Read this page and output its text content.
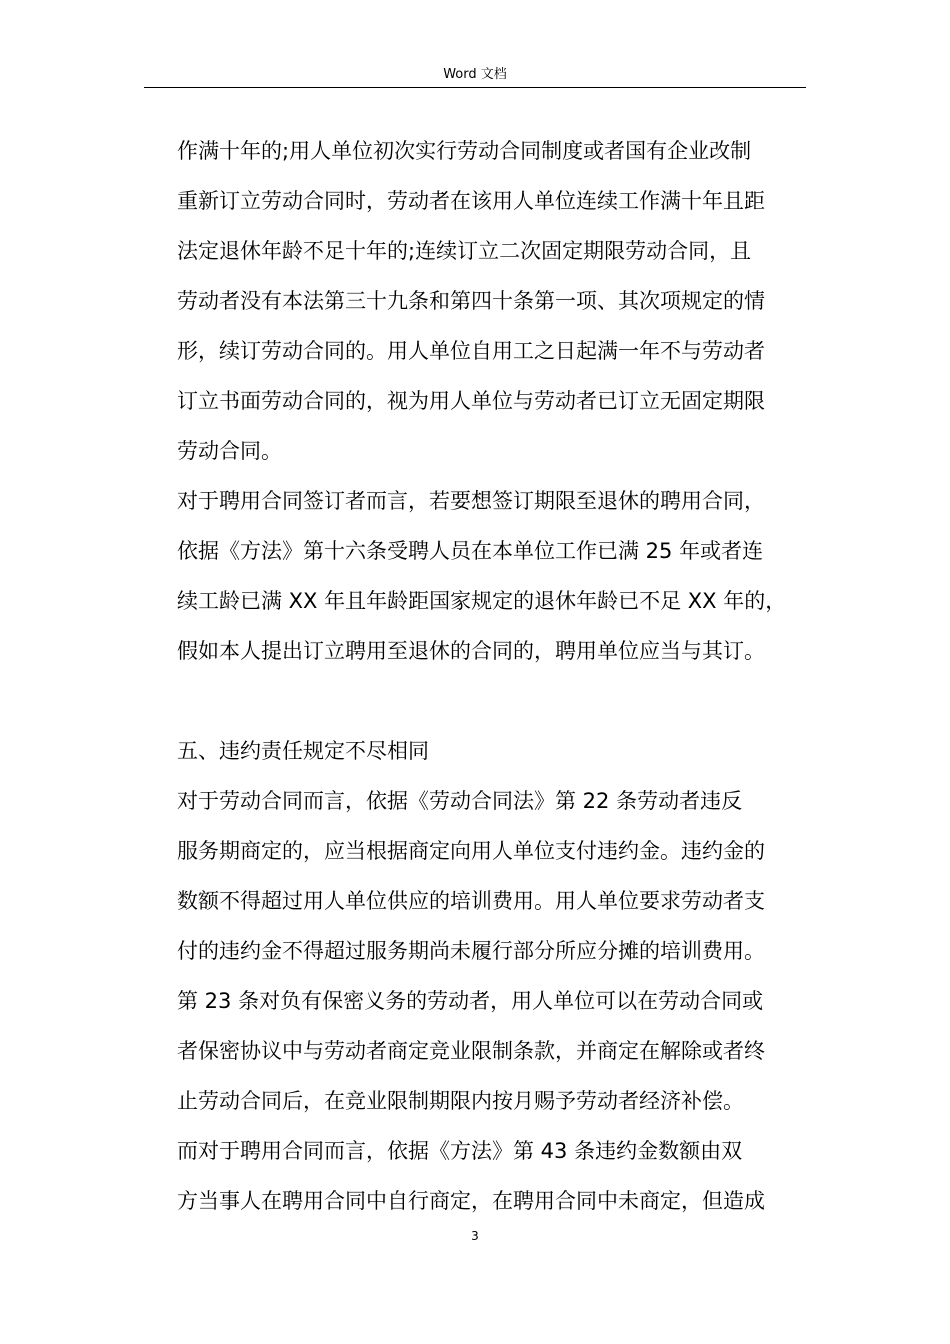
Word 文档
作满十年的;用人单位初次实行劳动合同制度或者国有企业改制
重新订立劳动合同时，劳动者在该用人单位连续工作满十年且距
法定退休年龄不足十年的;连续订立二次固定期限劳动合同，且
劳动者没有本法第三十九条和第四十条第一项、其次项规定的情
形，续订劳动合同的。用人单位自用工之日起满一年不与劳动者
订立书面劳动合同的，视为用人单位与劳动者已订立无固定期限
劳动合同。
对于聘用合同签订者而言，若要想签订期限至退休的聘用合同，
依据《方法》第十六条受聘人员在本单位工作已满 25 年或者连
续工龄已满 XX 年且年龄距国家规定的退休年龄已不足 XX 年的，
假如本人提出订立聘用至退休的合同的，聘用单位应当与其订。
五、违约责任规定不尽相同
对于劳动合同而言，依据《劳动合同法》第 22 条劳动者违反
服务期商定的，应当根据商定向用人单位支付违约金。违约金的
数额不得超过用人单位供应的培训费用。用人单位要求劳动者支
付的违约金不得超过服务期尚未履行部分所应分摊的培训费用。
第 23 条对负有保密义务的劳动者，用人单位可以在劳动合同或
者保密协议中与劳动者商定竞业限制条款，并商定在解除或者终
止劳动合同后，在竞业限制期限内按月赐予劳动者经济补偿。
而对于聘用合同而言，依据《方法》第 43 条违约金数额由双
方当事人在聘用合同中自行商定，在聘用合同中未商定，但造成
3
